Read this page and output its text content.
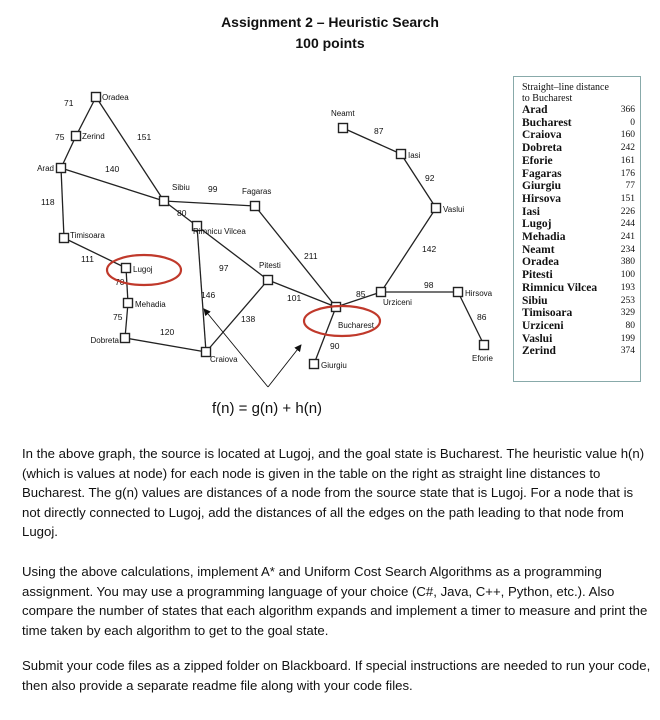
Assignment 2 – Heuristic Search
100 points
71
75	151
140
118
111
70
75
120
99
80
97
146
138
101
211
90
85
98
86
142
92
87
Oradea
Zerind
Arad
Timisoara
Lugoj
Mehadia
Dobreta
Sibiu
Rimnicu Vilcea
Fagaras
Pitesti
Craiova
Bucharest
Giurgiu
Urziceni
Hirsova
Eforie
Vaslui
Iasi
Neamt
Straight–line distance
to Bucharest
Arad	366
Bucharest	0
Craiova	160
Dobreta	242
Eforie	161
Fagaras	176
Giurgiu	77
Hirsova	151
Iasi	226
Lugoj	244
Mehadia	241
Neamt	234
Oradea	380
Pitesti	100
Rimnicu Vilcea 193
Sibiu	253
Timisoara	329
Urziceni	80
Vaslui	199
Zerind	374
f(n) = g(n) + h(n)
In the above graph, the source is located at Lugoj, and the goal state is Bucharest. The heuristic value h(n) (which is values at node) for each node is given in the table on the right as straight line distances to Bucharest. The g(n) values are distances of a node from the source state that is Lugoj. For a node that is not directly connected to Lugoj, add the distances of all the edges on the path leading to that node from Lugoj.
Using the above calculations, implement A* and Uniform Cost Search Algorithms as a programming assignment. You may use a programming language of your choice (C#, Java, C++, Python, etc.). Also compare the number of states that each algorithm expands and implement a timer to measure and print the time taken by each algorithm to get to the goal state.
Submit your code files as a zipped folder on Blackboard. If special instructions are needed to run your code, then also provide a separate readme file along with your code files.
